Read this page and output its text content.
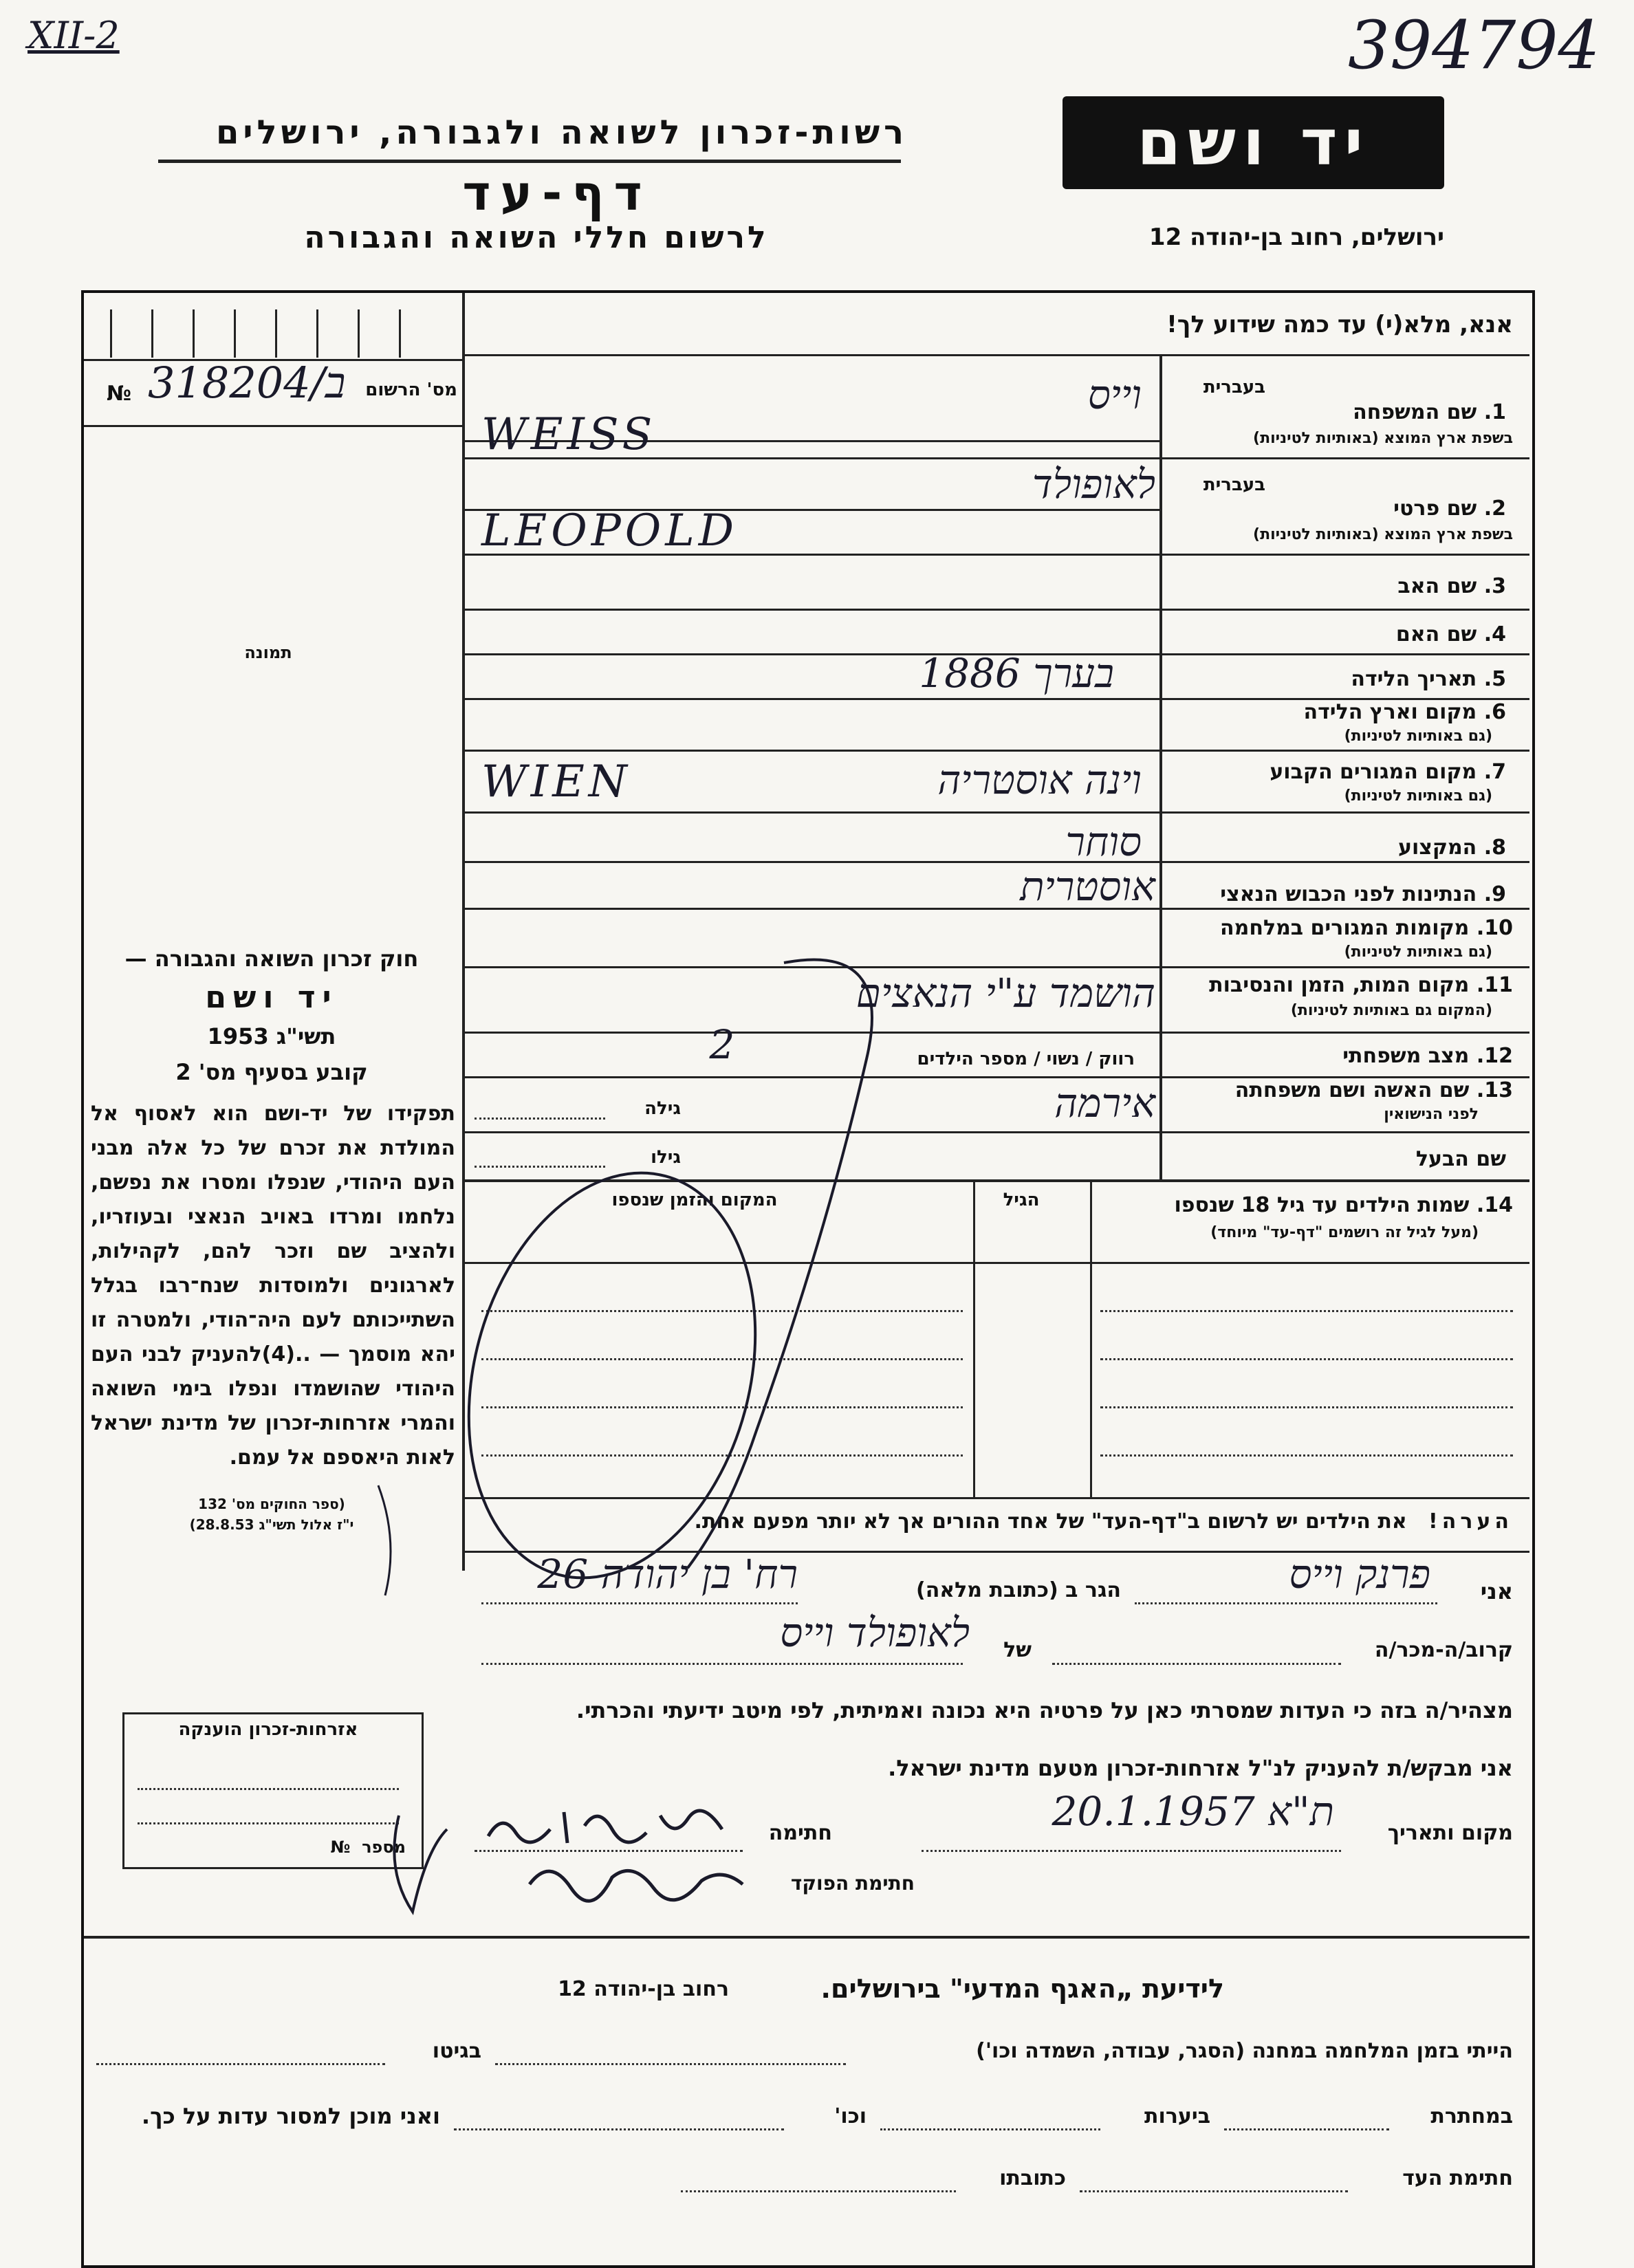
XII-2	394794
רשות-זכרון לשואה ולגבורה, ירושלים
דף-עד
לרשום חללי השואה והגבורה
יד ושם
ירושלים, רחוב בן-יהודה 12
אנא, מלא(י) עד כמה שידוע לך!
מס' הרשום
№ 318204/ב
תמונה
בעברית
1. שם המשפחה
בשפת ארץ המוצא (באותיות לטיניות)
בעברית
2. שם פרטי
בשפת ארץ המוצא (באותיות לטיניות)
3. שם האב
4. שם האם
5. תאריך הלידה
6. מקום וארץ הלידה
(גם באותיות לטיניות)
7. מקום המגורים הקבוע
(גם באותיות לטיניות)
8. המקצוע
9. הנתינות לפני הכבוש הנאצי
10. מקומות המגורים במלחמה
(גם באותיות לטיניות)
11. מקום המות, הזמן והנסיבות
(המקום גם באותיות לטיניות)
12. מצב משפחתי
13. שם האשה ושם משפחתה
לפני הנישואין
שם הבעל
וייס
WEISS
לאופולד
LEOPOLD
בערך 1886
וינה אוסטריה
WIEN
סוחר
אוסטרית
הושמד ע"י הנאצים
רווק / נשוי / מספר הילדים
2
אירמה
גילה
גילו
14. שמות הילדים עד גיל 18 שנספו
(מעל לגיל זה רושמים "דף-עד" מיוחד)
הגיל
המקום והזמן שנספו
הערה!   את הילדים יש לרשום ב"דף-העד" של אחד ההורים אך לא יותר מפעם אחת.
חוק זכרון השואה והגבורה —
יד ושם
תשי"ג 1953
קובע בסעיף מס' 2
תפקידו של יד-ושם הוא לאסוף אל המולדת את זכרם של כל אלה מבני העם היהודי, שנפלו ומסרו את נפשם, נלחמו ומרדו באויב הנאצי ובעוזריו, ולהציב שם וזכר להם, לקהילות, לארגונים ולמוסדות שנח־רבו בגלל השתייכותם לעם היה־הודי, ולמטרה זו יהא מוסמך — ..(4)להעניק לבני העם היהודי שהושמדו ונפלו בימי השואה והמרי אזרחות-זכרון של מדינת ישראל לאות היאספם אל עמם.
(ספר החוקים מס' 132
י"ז אלול תשי"ג 28.8.53)
אני
פרנק וייס
הגר ב (כתובת מלאה)
רח' בן יהודה 26
קרוב/ה-מכר/ה
של
לאופולד וייס
מצהיר/ה בזה כי העדות שמסרתי כאן על פרטיה היא נכונה ואמיתית, לפי מיטב ידיעתי והכרתי.
אני מבקש/ת להעניק לנ"ל אזרחות-זכרון מטעם מדינת ישראל.
מקום ותאריך
ת"א 20.1.1957
חתימה
חתימת הפוקד
אזרחות-זכרון הוענקה
מספר  №
לידיעת „האגף המדעי" בירושלים.
רחוב בן-יהודה 12
הייתי בזמן המלחמה במחנה (הסגר, עבודה, השמדה וכו')
בגיטו
במחתרת
ביערות
וכו'
ואני מוכן למסור עדות על כך.
חתימת העד
כתובתו
